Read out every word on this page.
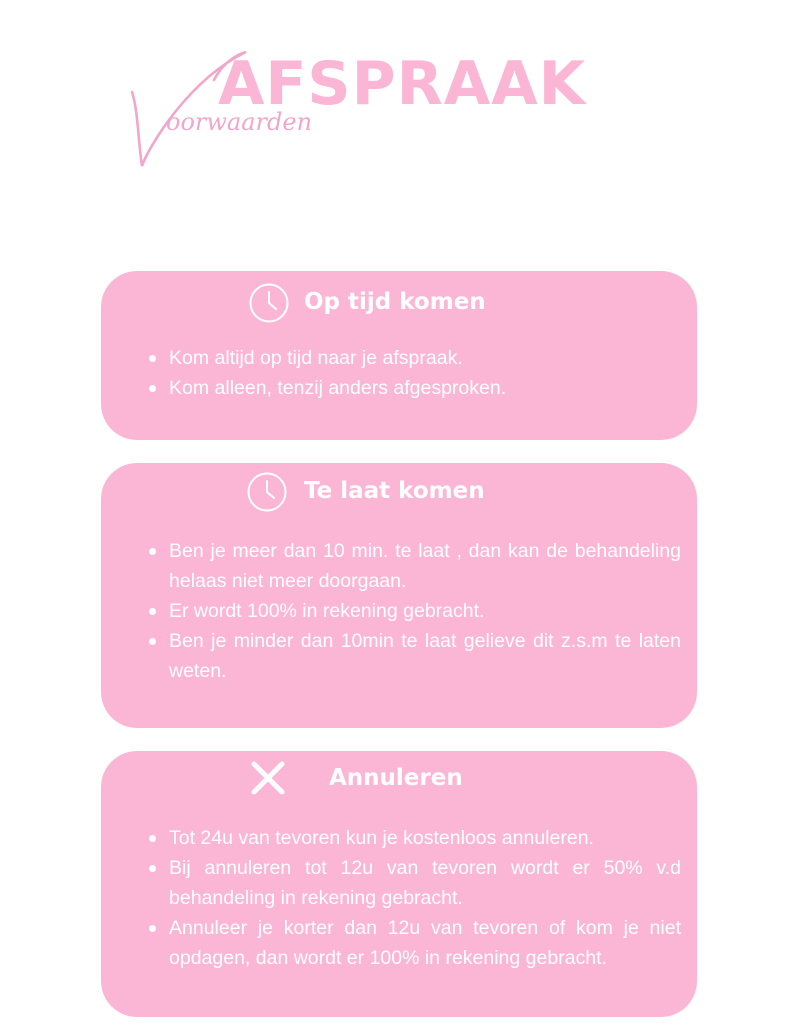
AFSPRAAK
oorwaarden
Op tijd komen
Kom altijd op tijd naar je afspraak.
Kom alleen, tenzij anders afgesproken.
Te laat komen
Ben je meer dan 10 min. te laat , dan kan de behandeling helaas niet meer doorgaan.
Er wordt 100% in rekening gebracht.
Ben je minder dan 10min te laat gelieve dit z.s.m te laten weten.
Annuleren
Tot 24u van tevoren kun je kostenloos annuleren.
Bij annuleren tot 12u van tevoren wordt er 50% v.d behandeling in rekening gebracht.
Annuleer je korter dan 12u van tevoren of kom je niet opdagen, dan wordt er 100% in rekening gebracht.
